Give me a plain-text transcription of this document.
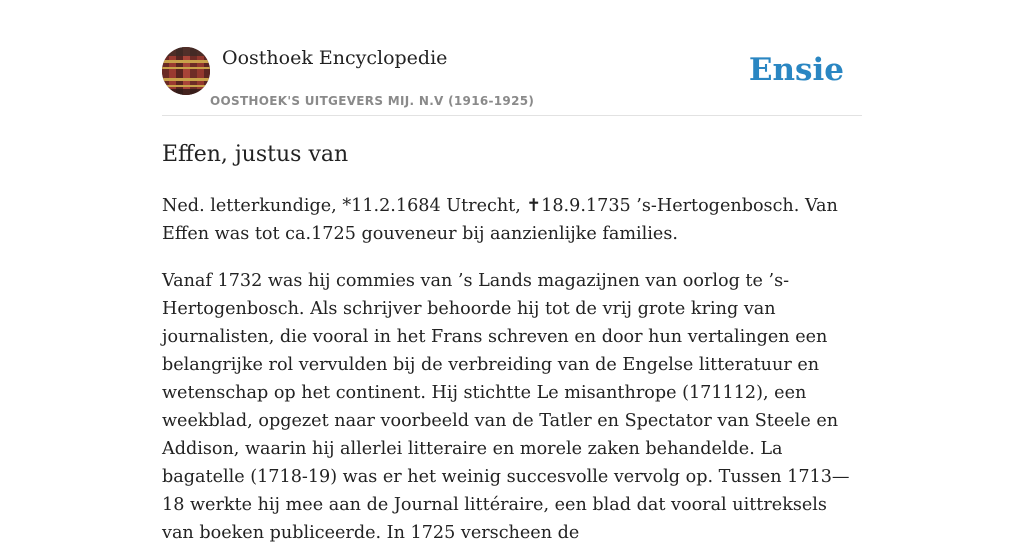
Oosthoek Encyclopedie
OOSTHOEK'S UITGEVERS MIJ. N.V (1916-1925)
Ensie
Effen, justus van

Ned. letterkundige, *11.2.1684 Utrecht, ✝18.9.1735 ’s-Hertogenbosch. Van Effen was tot ca.1725 gouveneur bij aanzienlijke families.

Vanaf 1732 was hij commies van ’s Lands magazijnen van oorlog te ’s-Hertogenbosch. Als schrijver behoorde hij tot de vrij grote kring van journalisten, die vooral in het Frans schreven en door hun vertalingen een belangrijke rol vervulden bij de verbreiding van de Engelse litteratuur en wetenschap op het continent. Hij stichtte Le misanthrope (171112), een weekblad, opgezet naar voorbeeld van de Tatler en Spectator van Steele en Addison, waarin hij allerlei litteraire en morele zaken behandelde. La bagatelle (1718-19) was er het weinig succesvolle vervolg op. Tussen 1713—18 werkte hij mee aan de Journal littéraire, een blad dat vooral uittreksels van boeken publiceerde. In 1725 verscheen de
